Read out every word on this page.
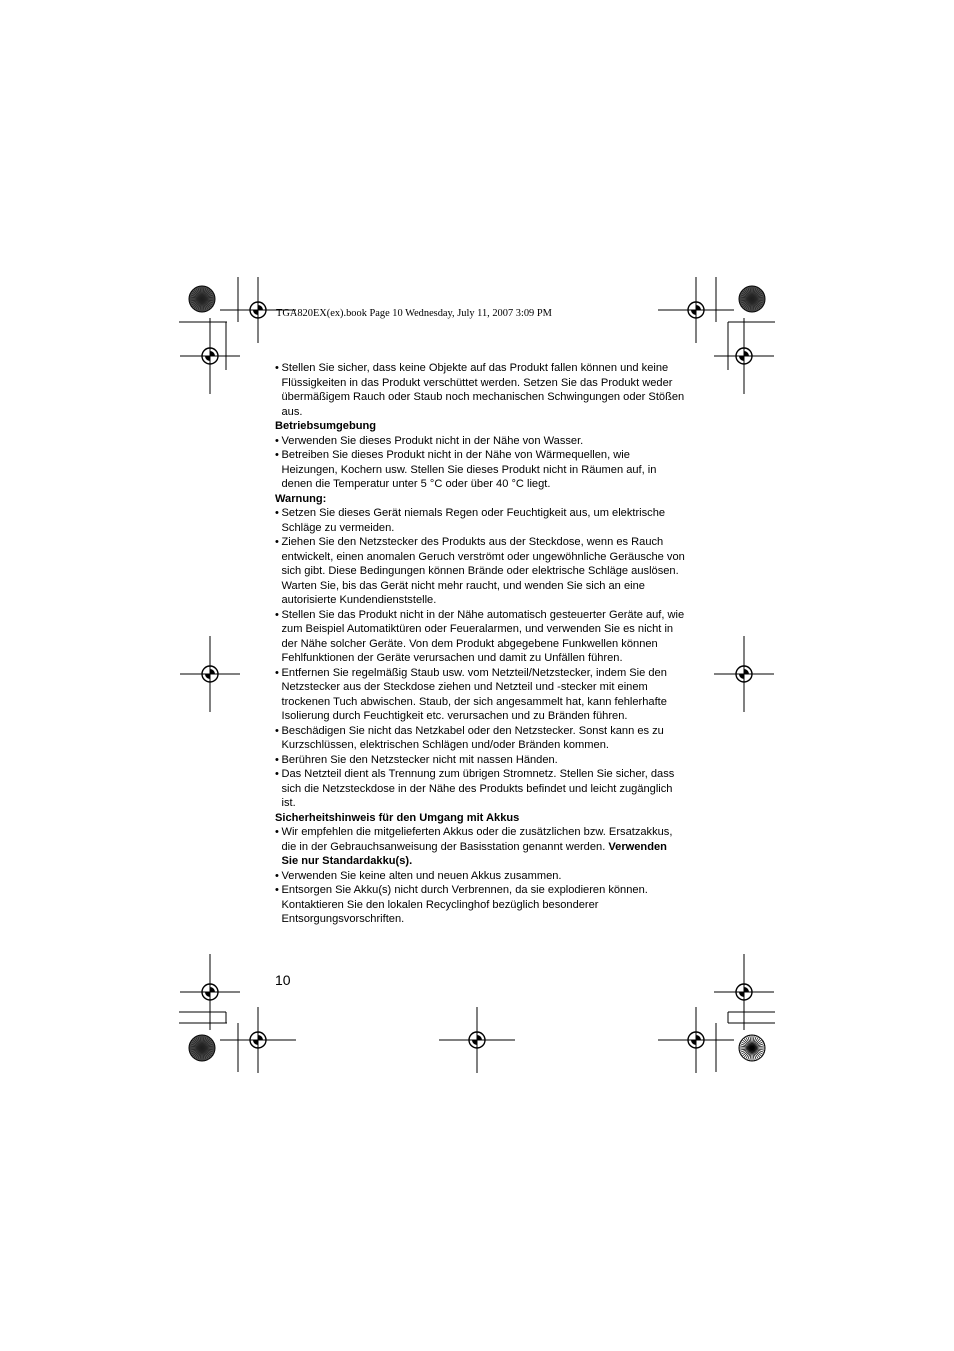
TGA820EX(ex).book Page 10 Wednesday, July 11, 2007 3:09 PM
• Stellen Sie sicher, dass keine Objekte auf das Produkt fallen können und keine Flüssigkeiten in das Produkt verschüttet werden. Setzen Sie das Produkt weder übermäßigem Rauch oder Staub noch mechanischen Schwingungen oder Stößen aus.
Betriebsumgebung
• Verwenden Sie dieses Produkt nicht in der Nähe von Wasser.
• Betreiben Sie dieses Produkt nicht in der Nähe von Wärmequellen, wie Heizungen, Kochern usw. Stellen Sie dieses Produkt nicht in Räumen auf, in denen die Temperatur unter 5 °C oder über 40 °C liegt.
Warnung:
• Setzen Sie dieses Gerät niemals Regen oder Feuchtigkeit aus, um elektrische Schläge zu vermeiden.
• Ziehen Sie den Netzstecker des Produkts aus der Steckdose, wenn es Rauch entwickelt, einen anomalen Geruch verströmt oder ungewöhnliche Geräusche von sich gibt. Diese Bedingungen können Brände oder elektrische Schläge auslösen. Warten Sie, bis das Gerät nicht mehr raucht, und wenden Sie sich an eine autorisierte Kundendienststelle.
• Stellen Sie das Produkt nicht in der Nähe automatisch gesteuerter Geräte auf, wie zum Beispiel Automatiktüren oder Feueralarmen, und verwenden Sie es nicht in der Nähe solcher Geräte. Von dem Produkt abgegebene Funkwellen können Fehlfunktionen der Geräte verursachen und damit zu Unfällen führen.
• Entfernen Sie regelmäßig Staub usw. vom Netzteil/Netzstecker, indem Sie den Netzstecker aus der Steckdose ziehen und Netzteil und -stecker mit einem trockenen Tuch abwischen. Staub, der sich angesammelt hat, kann fehlerhafte Isolierung durch Feuchtigkeit etc. verursachen und zu Bränden führen.
• Beschädigen Sie nicht das Netzkabel oder den Netzstecker. Sonst kann es zu Kurzschlüssen, elektrischen Schlägen und/oder Bränden kommen.
• Berühren Sie den Netzstecker nicht mit nassen Händen.
• Das Netzteil dient als Trennung zum übrigen Stromnetz. Stellen Sie sicher, dass sich die Netzsteckdose in der Nähe des Produkts befindet und leicht zugänglich ist.
Sicherheitshinweis für den Umgang mit Akkus
• Wir empfehlen die mitgelieferten Akkus oder die zusätzlichen bzw. Ersatzakkus, die in der Gebrauchsanweisung der Basisstation genannt werden. Verwenden Sie nur Standardakku(s).
• Verwenden Sie keine alten und neuen Akkus zusammen.
• Entsorgen Sie Akku(s) nicht durch Verbrennen, da sie explodieren können. Kontaktieren Sie den lokalen Recyclinghof bezüglich besonderer Entsorgungsvorschriften.
10
